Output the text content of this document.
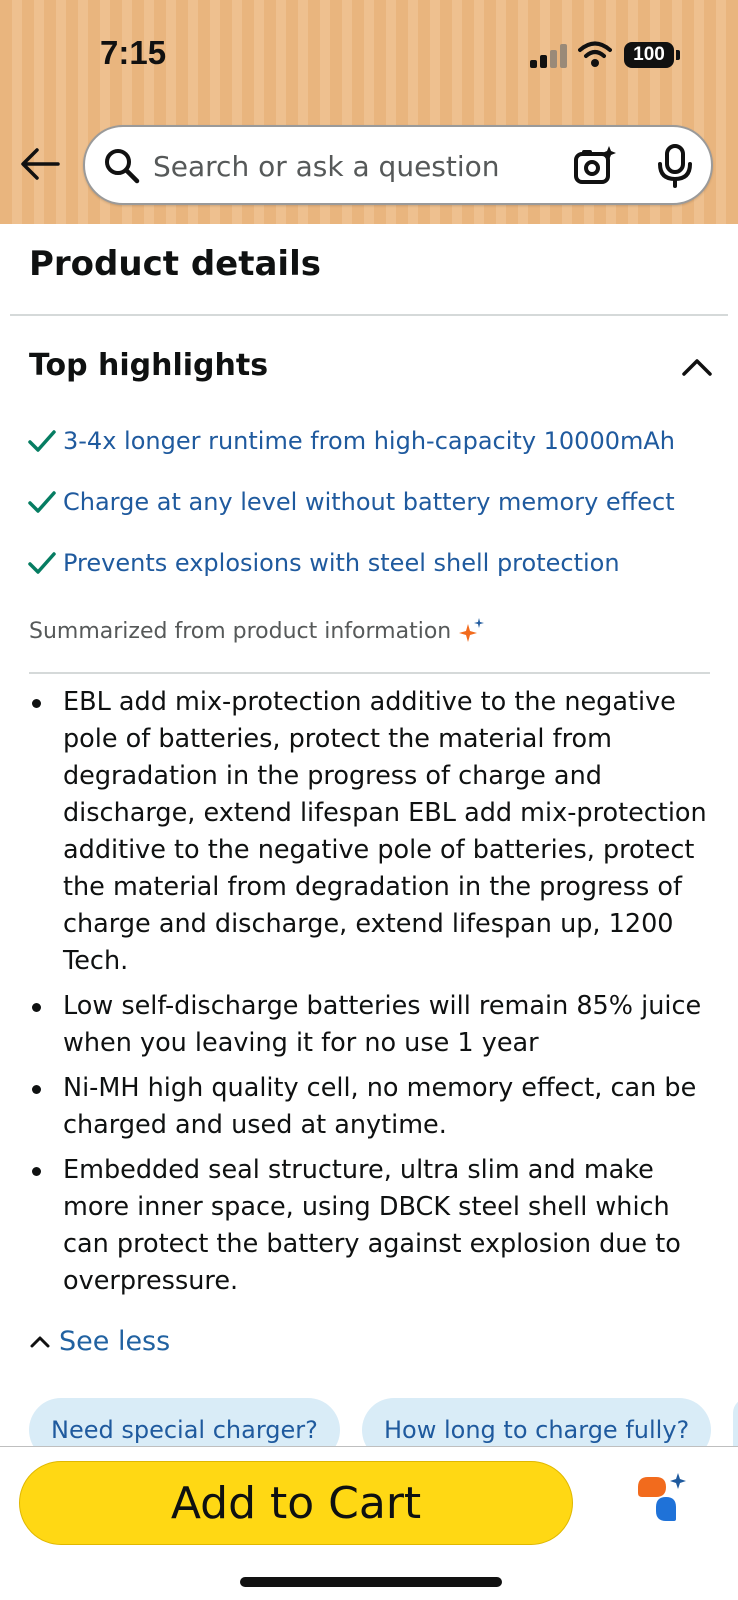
7:15	100
Search or ask a question
Product details
Top highlights
3-4x longer runtime from high-capacity 10000mAh
Charge at any level without battery memory effect
Prevents explosions with steel shell protection
Summarized from product information
EBL add mix-protection additive to the negative pole of batteries, protect the material from degradation in the progress of charge and discharge, extend lifespan EBL add mix-protection additive to the negative pole of batteries, protect the material from degradation in the progress of charge and discharge, extend lifespan up, 1200 Tech.
Low self-discharge batteries will remain 85% juice when you leaving it for no use 1 year
Ni-MH high quality cell, no memory effect, can be charged and used at anytime.
Embedded seal structure, ultra slim and make more inner space, using DBCK steel shell which can protect the battery against explosion due to overpressure.
See less
Need special charger?	How long to charge fully?
Add to Cart
